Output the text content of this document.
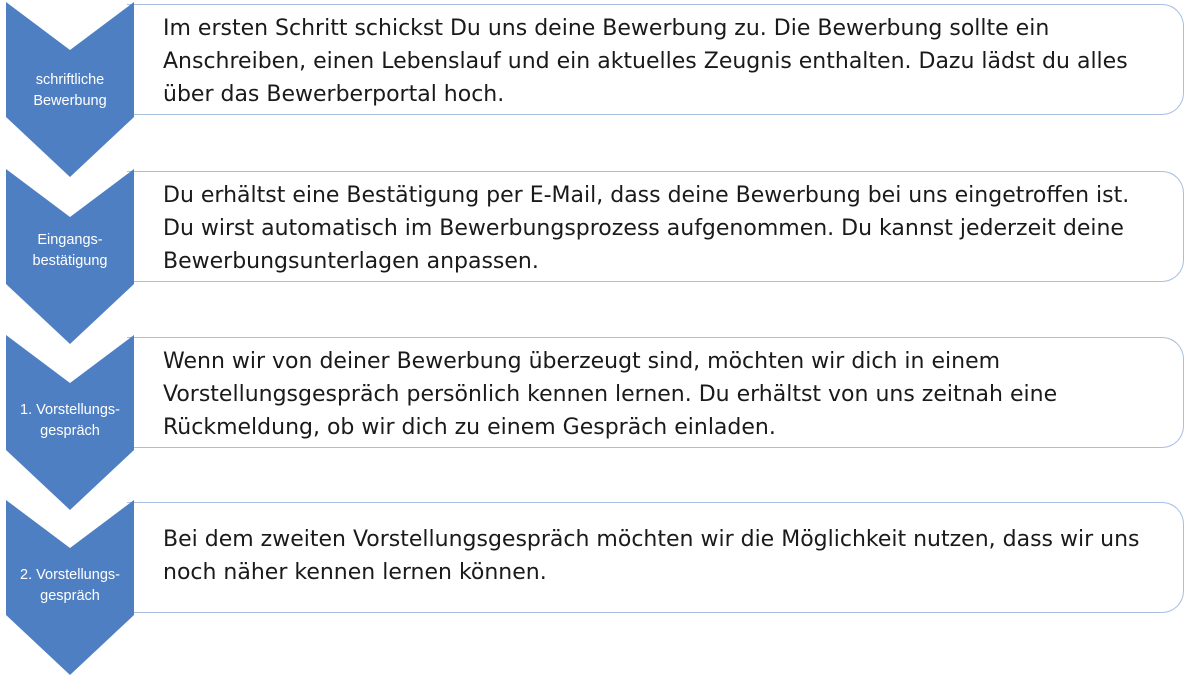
Im ersten Schritt schickst Du uns deine Bewerbung zu. Die Bewerbung sollte ein Anschreiben, einen Lebenslauf und ein aktuelles Zeugnis enthalten. Dazu lädst du alles über das Bewerberportal hoch.

schriftliche
Bewerbung

Du erhältst eine Bestätigung per E-Mail, dass deine Bewerbung bei uns eingetroffen ist. Du wirst automatisch im Bewerbungsprozess aufgenommen. Du kannst jederzeit deine Bewerbungsunterlagen anpassen.

Eingangs-
bestätigung

Wenn wir von deiner Bewerbung überzeugt sind, möchten wir dich in einem Vorstellungsgespräch persönlich kennen lernen. Du erhältst von uns zeitnah eine Rückmeldung, ob wir dich zu einem Gespräch einladen.

1. Vorstellungs-
gespräch

Bei dem zweiten Vorstellungsgespräch möchten wir die Möglichkeit nutzen, dass wir uns noch näher kennen lernen können.

2. Vorstellungs-
gespräch
